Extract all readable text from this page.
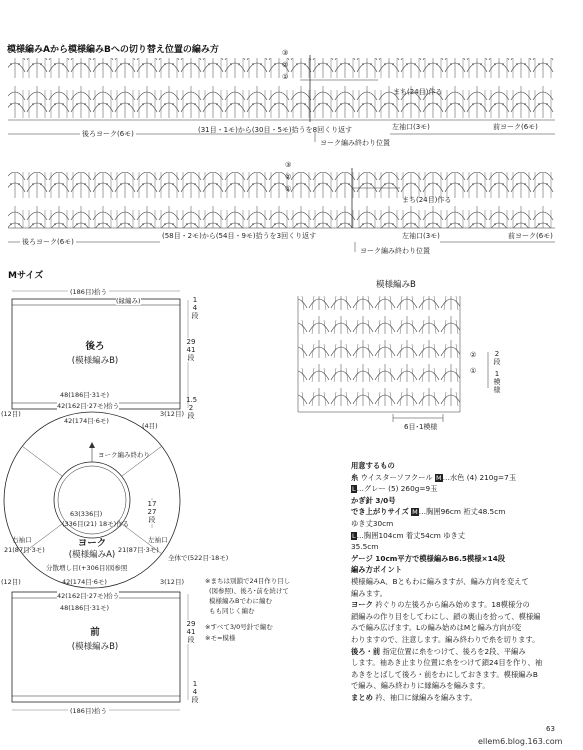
模様編みAから模様編みBへの切り替え位置の編み方	③
②
①
まち(24目)作る
後ろヨーク(6モ)	(31目・1モ)から(30目・5モ)拾うを8回くり返す	左袖口(3モ)	前ヨーク(6モ)
ヨーク編み終わり位置
③
②
①
まち(24目)作る
後ろヨーク(6モ)
(58目・2モ)から(54目・9モ)拾うを3回くり返す	左袖口(3モ)	前ヨーク(6モ)
ヨーク編み終わり位置
Mサイズ
(186目)拾う
(縁編み)	1
4段
後ろ
(模様編みB)
29
41段
48(186目·31モ)
42(162目·27モ)拾う
1.5
2段
(12目)	3(12目)
42(174目·6モ)
(4目)
ヨーク編み終わり
63(336目)
(336目(21) 18モ)作る
17
27段
右袖口
21(87目·3モ)
左袖口
21(87目·3モ)
ヨーク
(模様編みA)
分散増し目(+306目)図参照
全体で(522目·18モ)
42(174目·6モ)
(12目)	3(12目)
42(162目·27モ)拾う
48(186目·31モ)
※まちは別鎖で24目作り目し
(図参照)、後ろ･前を続けて
模様編みBでわに編む
もも同じく編む
※すべて3/0号針で編む
※モ=模様
前
(模様編みB)
29
41段
1
4段
(186目)拾う
模様編みB
②
①
2段
1模様
6目･1模様
用意するもの
糸 ウイスターソフクール M…水色 (4) 210g=7玉
L…グレー (5) 260g=9玉
かぎ針 3/0号
でき上がりサイズ M…胸囲96cm 裄丈48.5cm
ゆき丈30cm
L…胸囲104cm 着丈54cm ゆき丈
35.5cm
ゲージ 10cm平方で模様編みB6.5模様×14段
編み方ポイント
模様編みA、Bともわに編みますが、編み方向を変えて
編みます。
ヨーク 衿ぐりの左後ろから編み始めます。18模様分の
鎖編みの作り目をしてわにし、鎖の裏山を拾って、模様編
みで編み広げます。Lの編み始めはMと編み方向が変
わりますので、注意します。編み終わりで糸を切ります。
後ろ・前 指定位置に糸をつけて、後ろを2段、平編み
します。袖あき止まり位置に糸をつけて鎖24目を作り、袖
あきをとばして後ろ・前をわにしておきます。模様編みB
で編み、編み終わりに縁編みを編みます。
まとめ 衿、袖口に縁編みを編みます。
63
ellem6.blog.163.com
